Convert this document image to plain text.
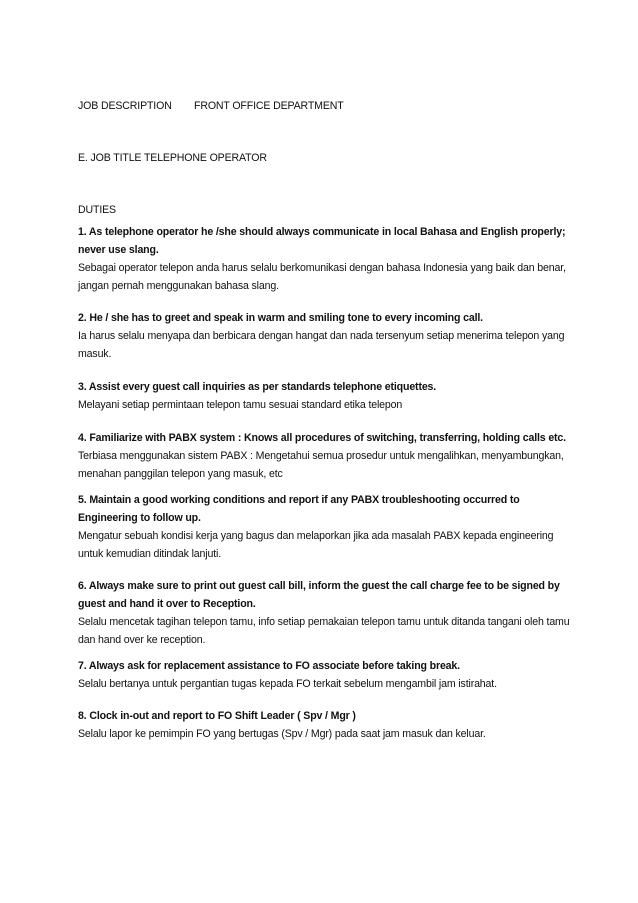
JOB DESCRIPTION	FRONT OFFICE DEPARTMENT
E. JOB TITLE TELEPHONE OPERATOR
DUTIES
1. As telephone operator he /she should always communicate in local Bahasa and English properly; never use slang.
Sebagai operator telepon anda harus selalu berkomunikasi dengan bahasa Indonesia yang baik dan benar, jangan pernah menggunakan bahasa slang.
2. He / she has to greet and speak in warm and smiling tone to every incoming call.
Ia harus selalu menyapa dan berbicara dengan hangat dan nada tersenyum setiap menerima telepon yang masuk.
3. Assist every guest call inquiries as per standards telephone etiquettes.
Melayani setiap permintaan telepon tamu sesuai standard etika telepon
4. Familiarize with PABX system : Knows all procedures of switching, transferring, holding calls etc.
Terbiasa menggunakan sistem PABX : Mengetahui semua prosedur untuk mengalihkan, menyambungkan, menahan panggilan telepon yang masuk, etc
5. Maintain a good working conditions and report if any PABX troubleshooting occurred to Engineering to follow up.
Mengatur sebuah kondisi kerja yang bagus dan melaporkan jika ada masalah PABX kepada engineering untuk kemudian ditindak lanjuti.
6. Always make sure to print out guest call bill, inform the guest the call charge fee to be signed by guest and hand it over to Reception.
Selalu mencetak tagihan telepon tamu, info setiap pemakaian telepon tamu untuk ditanda tangani oleh tamu dan hand over ke reception.
7. Always ask for replacement assistance to FO associate before taking break.
Selalu bertanya untuk pergantian tugas kepada FO terkait sebelum mengambil jam istirahat.
8. Clock in-out and report to FO Shift Leader ( Spv / Mgr )
Selalu lapor ke pemimpin FO yang bertugas (Spv / Mgr) pada saat jam masuk dan keluar.
